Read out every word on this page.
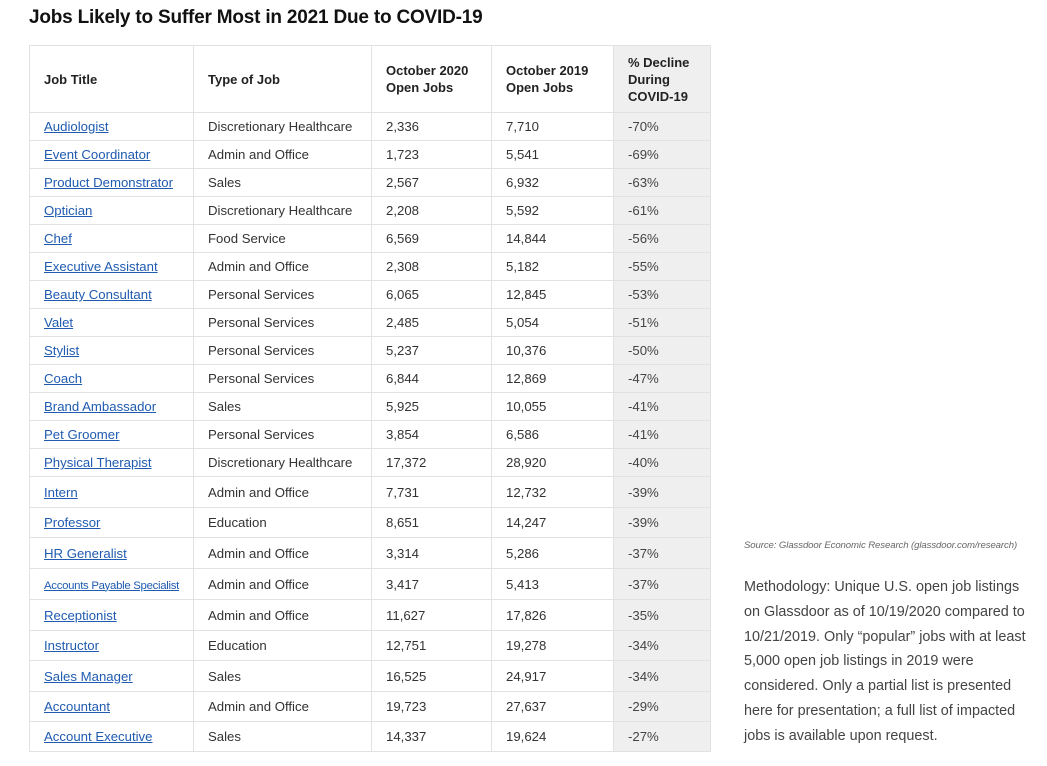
Jobs Likely to Suffer Most in 2021 Due to COVID-19
Job Title	Type of Job	October 2020 Open Jobs	October 2019 Open Jobs	% Decline During COVID-19
Audiologist	Discretionary Healthcare	2,336	7,710	-70%
Event Coordinator	Admin and Office	1,723	5,541	-69%
Product Demonstrator	Sales	2,567	6,932	-63%
Optician	Discretionary Healthcare	2,208	5,592	-61%
Chef	Food Service	6,569	14,844	-56%
Executive Assistant	Admin and Office	2,308	5,182	-55%
Beauty Consultant	Personal Services	6,065	12,845	-53%
Valet	Personal Services	2,485	5,054	-51%
Stylist	Personal Services	5,237	10,376	-50%
Coach	Personal Services	6,844	12,869	-47%
Brand Ambassador	Sales	5,925	10,055	-41%
Pet Groomer	Personal Services	3,854	6,586	-41%
Physical Therapist	Discretionary Healthcare	17,372	28,920	-40%
Intern	Admin and Office	7,731	12,732	-39%
Professor	Education	8,651	14,247	-39%
HR Generalist	Admin and Office	3,314	5,286	-37%
Accounts Payable Specialist	Admin and Office	3,417	5,413	-37%
Receptionist	Admin and Office	11,627	17,826	-35%
Instructor	Education	12,751	19,278	-34%
Sales Manager	Sales	16,525	24,917	-34%
Accountant	Admin and Office	19,723	27,637	-29%
Account Executive	Sales	14,337	19,624	-27%
Source: Glassdoor Economic Research (glassdoor.com/research)
Methodology: Unique U.S. open job listings on Glassdoor as of 10/19/2020 compared to 10/21/2019. Only “popular” jobs with at least 5,000 open job listings in 2019 were considered. Only a partial list is presented here for presentation; a full list of impacted jobs is available upon request.
